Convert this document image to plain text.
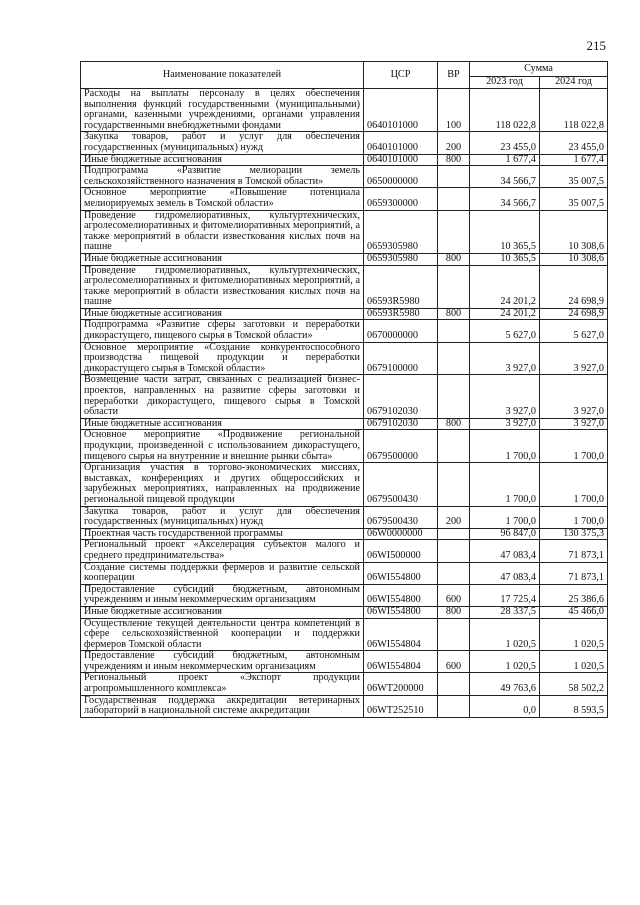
215
Наименование показателей	ЦСР	ВР	Сумма	
			2023 год	2024 год
Расходы на выплаты персоналу в целях обеспечения выполнения функций государственными (муниципальными) органами, казенными учреждениями, органами управления государственными внебюджетными фондами	0640101000	100	118 022,8	118 022,8
Закупка товаров, работ и услуг для обеспечения государственных (муниципальных) нужд	0640101000	200	23 455,0	23 455,0
Иные бюджетные ассигнования	0640101000	800	1 677,4	1 677,4
Подпрограмма «Развитие мелиорации земель сельскохозяйственного назначения в Томской области»	0650000000		34 566,7	35 007,5
Основное мероприятие «Повышение потенциала мелиорируемых земель в Томской области»	0659300000		34 566,7	35 007,5
Проведение гидромелиоративных, культуртехнических, агролесомелиоративных и фитомелиоративных мероприятий, а также мероприятий в области известкования кислых почв на пашне	0659305980		10 365,5	10 308,6
Иные бюджетные ассигнования	0659305980	800	10 365,5	10 308,6
Проведение гидромелиоративных, культуртехнических, агролесомелиоративных и фитомелиоративных мероприятий, а также мероприятий в области известкования кислых почв на пашне	06593R5980		24 201,2	24 698,9
Иные бюджетные ассигнования	06593R5980	800	24 201,2	24 698,9
Подпрограмма «Развитие сферы заготовки и переработки дикорастущего, пищевого сырья в Томской области»	0670000000		5 627,0	5 627,0
Основное мероприятие «Создание конкурентоспособного производства пищевой продукции и переработки дикорастущего сырья в Томской области»	0679100000		3 927,0	3 927,0
Возмещение части затрат, связанных с реализацией бизнес-проектов, направленных на развитие сферы заготовки и переработки дикорастущего, пищевого сырья в Томской области	0679102030		3 927,0	3 927,0
Иные бюджетные ассигнования	0679102030	800	3 927,0	3 927,0
Основное мероприятие «Продвижение региональной продукции, произведенной с использованием дикорастущего, пищевого сырья на внутренние и внешние рынки сбыта»	0679500000		1 700,0	1 700,0
Организация участия в торгово-экономических миссиях, выставках, конференциях и других общероссийских и зарубежных мероприятиях, направленных на продвижение региональной пищевой продукции	0679500430		1 700,0	1 700,0
Закупка товаров, работ и услуг для обеспечения государственных (муниципальных) нужд	0679500430	200	1 700,0	1 700,0
Проектная часть государственной программы	06W0000000		96 847,0	130 375,3
Региональный проект «Акселерация субъектов малого и среднего предпринимательства»	06WI500000		47 083,4	71 873,1
Создание системы поддержки фермеров и развитие сельской кооперации	06WI554800		47 083,4	71 873,1
Предоставление субсидий бюджетным, автономным учреждениям и иным некоммерческим организациям	06WI554800	600	17 725,4	25 386,6
Иные бюджетные ассигнования	06WI554800	800	28 337,5	45 466,0
Осуществление текущей деятельности центра компетенций в сфере сельскохозяйственной кооперации и поддержки фермеров Томской области	06WI554804		1 020,5	1 020,5
Предоставление субсидий бюджетным, автономным учреждениям и иным некоммерческим организациям	06WI554804	600	1 020,5	1 020,5
Региональный проект «Экспорт продукции агропромышленного комплекса»	06WT200000		49 763,6	58 502,2
Государственная поддержка аккредитации ветеринарных лабораторий в национальной системе аккредитации	06WT252510		0,0	8 593,5
